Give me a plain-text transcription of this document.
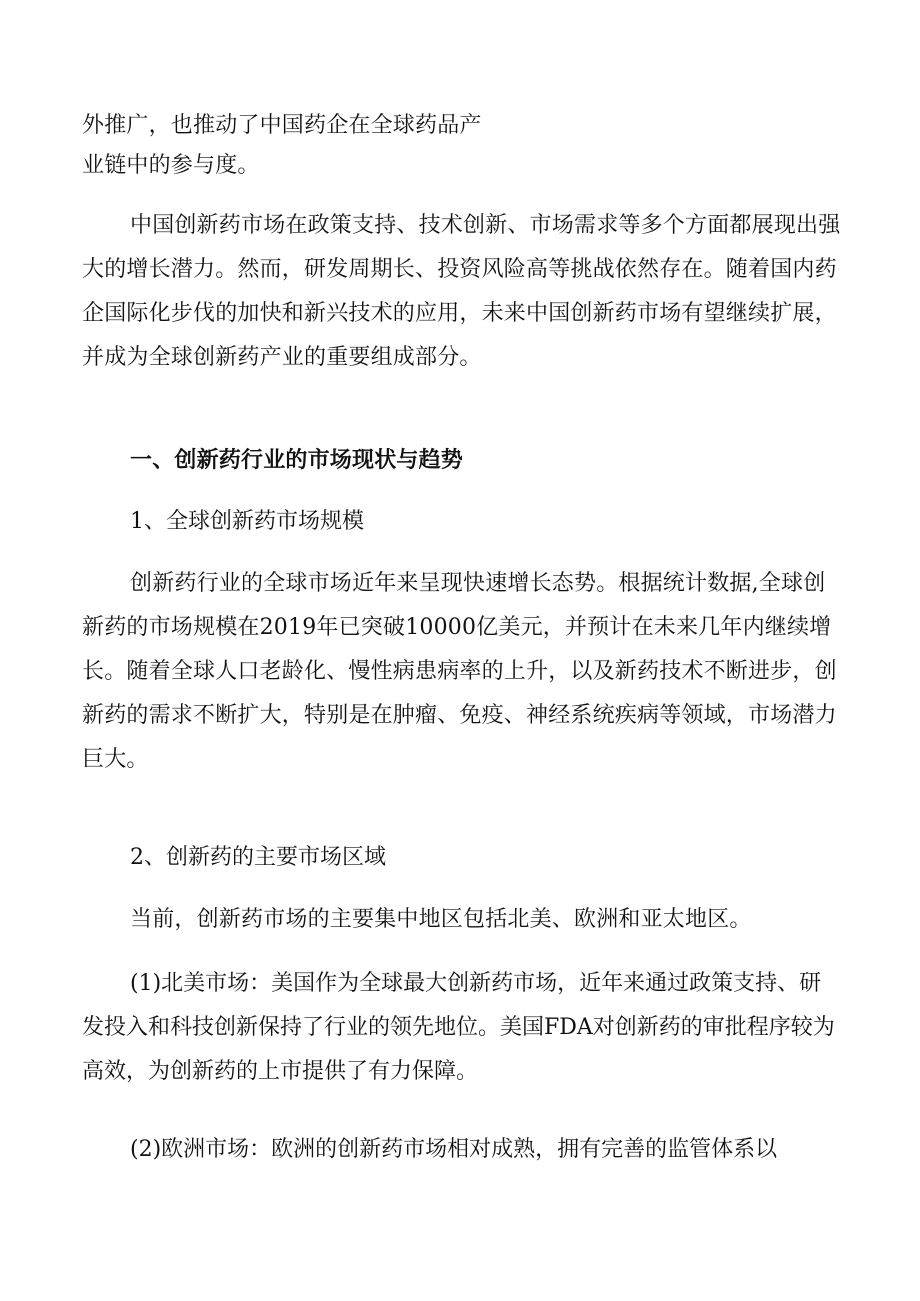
外推广，也推动了中国药企在全球药品产
业链中的参与度。
中国创新药市场在政策支持、技术创新、市场需求等多个方面都展现出强大的增长潜力。然而，研发周期长、投资风险高等挑战依然存在。随着国内药企国际化步伐的加快和新兴技术的应用，未来中国创新药市场有望继续扩展，并成为全球创新药产业的重要组成部分。
一、创新药行业的市场现状与趋势
1、全球创新药市场规模
创新药行业的全球市场近年来呈现快速增长态势。根据统计数据,全球创新药的市场规模在2019年已突破10000亿美元，并预计在未来几年内继续增长。随着全球人口老龄化、慢性病患病率的上升，以及新药技术不断进步，创新药的需求不断扩大，特别是在肿瘤、免疫、神经系统疾病等领域，市场潜力巨大。
2、创新药的主要市场区域
当前，创新药市场的主要集中地区包括北美、欧洲和亚太地区。
(1)北美市场：美国作为全球最大创新药市场，近年来通过政策支持、研发投入和科技创新保持了行业的领先地位。美国FDA对创新药的审批程序较为高效，为创新药的上市提供了有力保障。
(2)欧洲市场：欧洲的创新药市场相对成熟，拥有完善的监管体系以
